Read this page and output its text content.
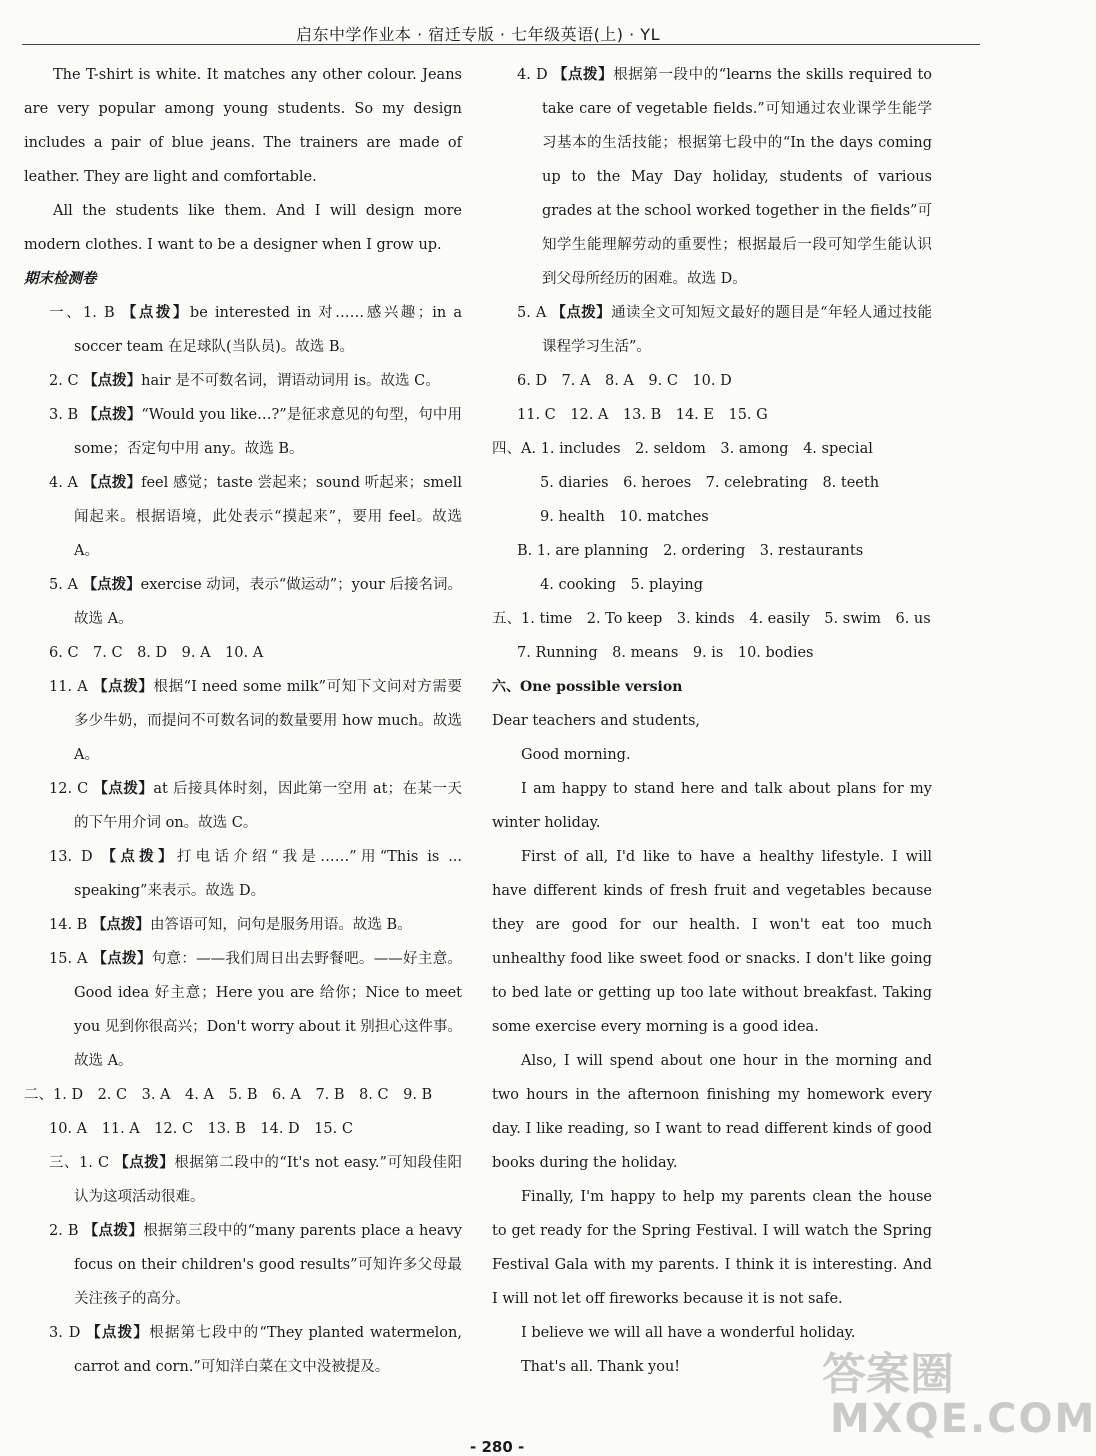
启东中学作业本 · 宿迁专版 · 七年级英语(上) · YL

The T-shirt is white. It matches any other colour. Jeans are very popular among young students. So my design includes a pair of blue jeans. The trainers are made of leather. They are light and comfortable.

All the students like them. And I will design more modern clothes. I want to be a designer when I grow up.

期末检测卷

一、1. B 【点拨】be interested in 对……感兴趣；in a soccer team 在足球队(当队员)。故选 B。

2. C 【点拨】hair 是不可数名词，谓语动词用 is。故选 C。

3. B 【点拨】“Would you like…?”是征求意见的句型，句中用 some；否定句中用 any。故选 B。

4. A 【点拨】feel 感觉；taste 尝起来；sound 听起来；smell 闻起来。根据语境，此处表示“摸起来”，要用 feel。故选 A。

5. A 【点拨】exercise 动词，表示“做运动”；your 后接名词。故选 A。

6. C　7. C　8. D　9. A　10. A

11. A 【点拨】根据“I need some milk”可知下文问对方需要多少牛奶，而提问不可数名词的数量要用 how much。故选 A。

12. C 【点拨】at 后接具体时刻，因此第一空用 at；在某一天的下午用介词 on。故选 C。

13. D 【点拨】打电话介绍“我是……”用“This is ... speaking”来表示。故选 D。

14. B 【点拨】由答语可知，问句是服务用语。故选 B。

15. A 【点拨】句意：——我们周日出去野餐吧。——好主意。Good idea 好主意；Here you are 给你；Nice to meet you 见到你很高兴；Don't worry about it 别担心这件事。故选 A。

二、1. D　2. C　3. A　4. A　5. B　6. A　7. B　8. C　9. B

10. A　11. A　12. C　13. B　14. D　15. C

三、1. C 【点拨】根据第二段中的“It's not easy.”可知段佳阳认为这项活动很难。

2. B 【点拨】根据第三段中的“many parents place a heavy focus on their children's good results”可知许多父母最关注孩子的高分。

3. D 【点拨】根据第七段中的“They planted watermelon, carrot and corn.”可知洋白菜在文中没被提及。

4. D 【点拨】根据第一段中的“learns the skills required to take care of vegetable fields.”可知通过农业课学生能学习基本的生活技能；根据第七段中的“In the days coming up to the May Day holiday, students of various grades at the school worked together in the fields”可知学生能理解劳动的重要性；根据最后一段可知学生能认识到父母所经历的困难。故选 D。

5. A 【点拨】通读全文可知短文最好的题目是“年轻人通过技能课程学习生活”。

6. D　7. A　8. A　9. C　10. D

11. C　12. A　13. B　14. E　15. G

四、A. 1. includes　2. seldom　3. among　4. special

5. diaries　6. heroes　7. celebrating　8. teeth

9. health　10. matches

B. 1. are planning　2. ordering　3. restaurants

4. cooking　5. playing

五、1. time　2. To keep　3. kinds　4. easily　5. swim　6. us

7. Running　8. means　9. is　10. bodies

六、One possible version

Dear teachers and students,

Good morning.

I am happy to stand here and talk about plans for my winter holiday.

First of all, I'd like to have a healthy lifestyle. I will have different kinds of fresh fruit and vegetables because they are good for our health. I won't eat too much unhealthy food like sweet food or snacks. I don't like going to bed late or getting up too late without breakfast. Taking some exercise every morning is a good idea.

Also, I will spend about one hour in the morning and two hours in the afternoon finishing my homework every day. I like reading, so I want to read different kinds of good books during the holiday.

Finally, I'm happy to help my parents clean the house to get ready for the Spring Festival. I will watch the Spring Festival Gala with my parents. I think it is interesting. And I will not let off fireworks because it is not safe.

I believe we will all have a wonderful holiday.

That's all. Thank you!

- 280 -
答案圈
MXQE.COM
